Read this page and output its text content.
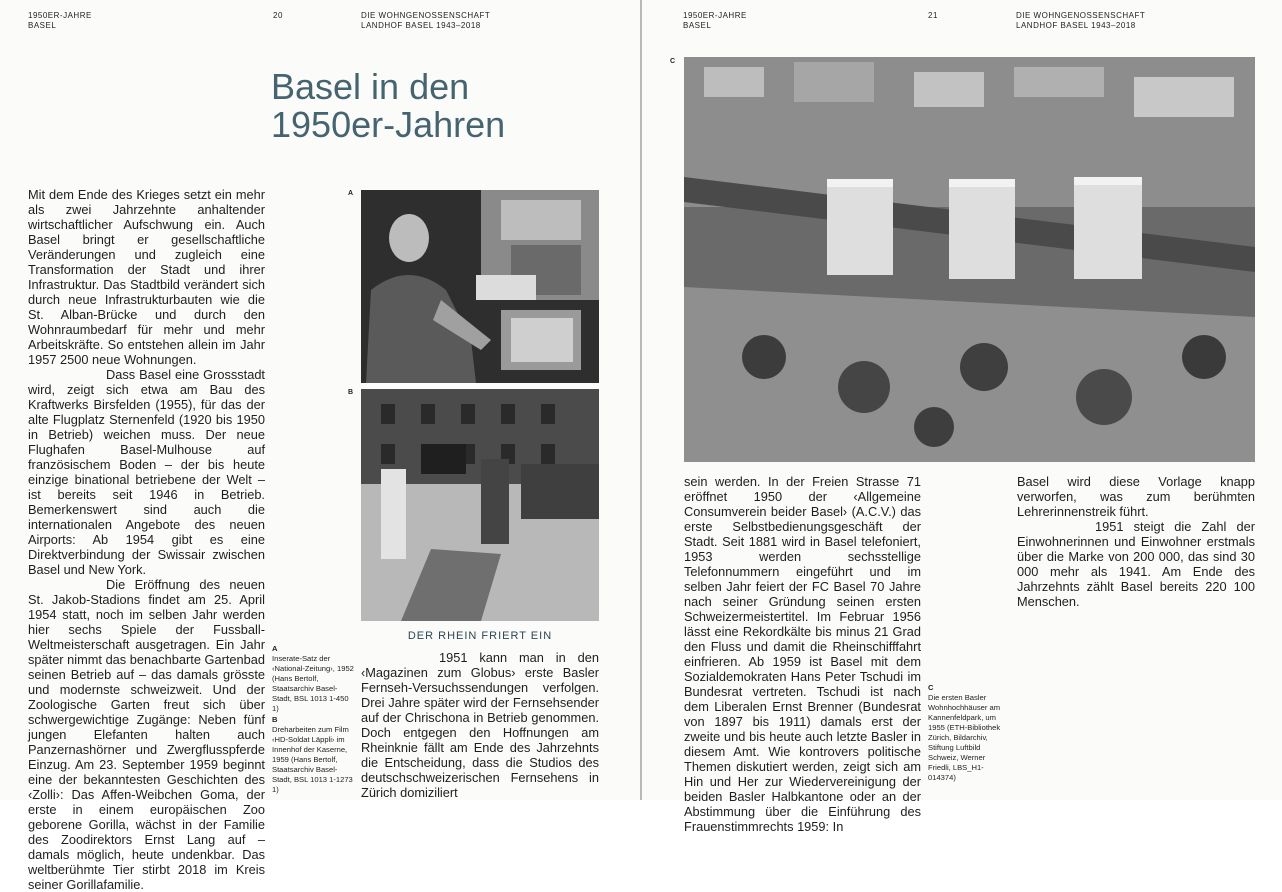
1950ER-JAHRE
BASEL
20	DIE WOHNGENOSSENSCHAFT
LANDHOF BASEL 1943–2018
Basel in den
1950er-Jahren

Mit dem Ende des Krieges setzt ein mehr als zwei Jahrzehnte anhaltender wirtschaftlicher Aufschwung ein. Auch Basel bringt er gesellschaftliche Veränderungen und zugleich eine Transformation der Stadt und ihrer Infrastruktur. Das Stadtbild verändert sich durch neue Infrastrukturbauten wie die St. Alban-Brücke und durch den Wohnraumbedarf für mehr und mehr Arbeitskräfte. So entstehen allein im Jahr 1957 2500 neue Wohnungen.

Dass Basel eine Grossstadt wird, zeigt sich etwa am Bau des Kraftwerks Birsfelden (1955), für das der alte Flugplatz Sternenfeld (1920 bis 1950 in Betrieb) weichen muss. Der neue Flughafen Basel-Mulhouse auf französischem Boden – der bis heute einzige binational betriebene der Welt – ist bereits seit 1946 in Betrieb. Bemerkenswert sind auch die internationalen Angebote des neuen Airports: Ab 1954 gibt es eine Direktverbindung der Swissair zwischen Basel und New York.

Die Eröffnung des neuen St. Jakob-Stadions findet am 25. April 1954 statt, noch im selben Jahr werden hier sechs Spiele der Fussball-Weltmeisterschaft ausgetragen. Ein Jahr später nimmt das benachbarte Gartenbad seinen Betrieb auf – das damals grösste und modernste schweizweit. Und der Zoologische Garten freut sich über schwergewichtige Zugänge: Neben fünf jungen Elefanten halten auch Panzernashörner und Zwergflusspferde Einzug. Am 23. September 1959 beginnt eine der bekanntesten Geschichten des ‹Zolli›: Das Affen-Weibchen Goma, der erste in einem europäischen Zoo geborene Gorilla, wächst in der Familie des Zoodirektors Ernst Lang auf – damals möglich, heute undenkbar. Das weltberühmte Tier stirbt 2018 im Kreis seiner Gorillafamilie.

A
B
DER RHEIN FRIERT EIN

1951 kann man in den ‹Magazinen zum Globus› erste Basler Fernseh-Versuchssendungen verfolgen. Drei Jahre später wird der Fernsehsender auf der Chrischona in Betrieb genommen. Doch entgegen den Hoffnungen am Rheinknie fällt am Ende des Jahrzehnts die Entscheidung, dass die Studios des deutschschweizerischen Fernsehens in Zürich domiziliert

A
Inserate-Satz der ‹National-Zeitung›, 1952 (Hans Bertolf, Staatsarchiv Basel-Stadt, BSL 1013 1-450 1)

B
Dreharbeiten zum Film ‹HD-Soldat Läppli› im Innenhof der Kaserne, 1959 (Hans Bertolf, Staatsarchiv Basel-Stadt, BSL 1013 1-1273 1)

1950ER-JAHRE
BASEL
21	DIE WOHNGENOSSENSCHAFT
LANDHOF BASEL 1943–2018
C

sein werden. In der Freien Strasse 71 eröffnet 1950 der ‹Allgemeine Consumverein beider Basel› (A.C.V.) das erste Selbstbedienungsgeschäft der Stadt. Seit 1881 wird in Basel telefoniert, 1953 werden sechsstellige Telefonnummern eingeführt und im selben Jahr feiert der FC Basel 70 Jahre nach seiner Gründung seinen ersten Schweizermeistertitel. Im Februar 1956 lässt eine Rekordkälte bis minus 21 Grad den Fluss und damit die Rheinschifffahrt einfrieren. Ab 1959 ist Basel mit dem Sozialdemokraten Hans Peter Tschudi im Bundesrat vertreten. Tschudi ist nach dem Liberalen Ernst Brenner (Bundesrat von 1897 bis 1911) damals erst der zweite und bis heute auch letzte Basler in diesem Amt. Wie kontrovers politische Themen diskutiert werden, zeigt sich am Hin und Her zur Wiedervereinigung der beiden Basler Halbkantone oder an der Abstimmung über die Einführung des Frauenstimmrechts 1959: In

C
Die ersten Basler Wohnhochhäuser am Kannenfeldpark, um 1955 (ETH-Bibliothek Zürich, Bildarchiv, Stiftung Luftbild Schweiz, Werner Friedli, LBS_H1-014374)

Basel wird diese Vorlage knapp verworfen, was zum berühmten Lehrerinnenstreik führt.

1951 steigt die Zahl der Einwohnerinnen und Einwohner erstmals über die Marke von 200 000, das sind 30 000 mehr als 1941. Am Ende des Jahrzehnts zählt Basel bereits 220 100 Menschen.
